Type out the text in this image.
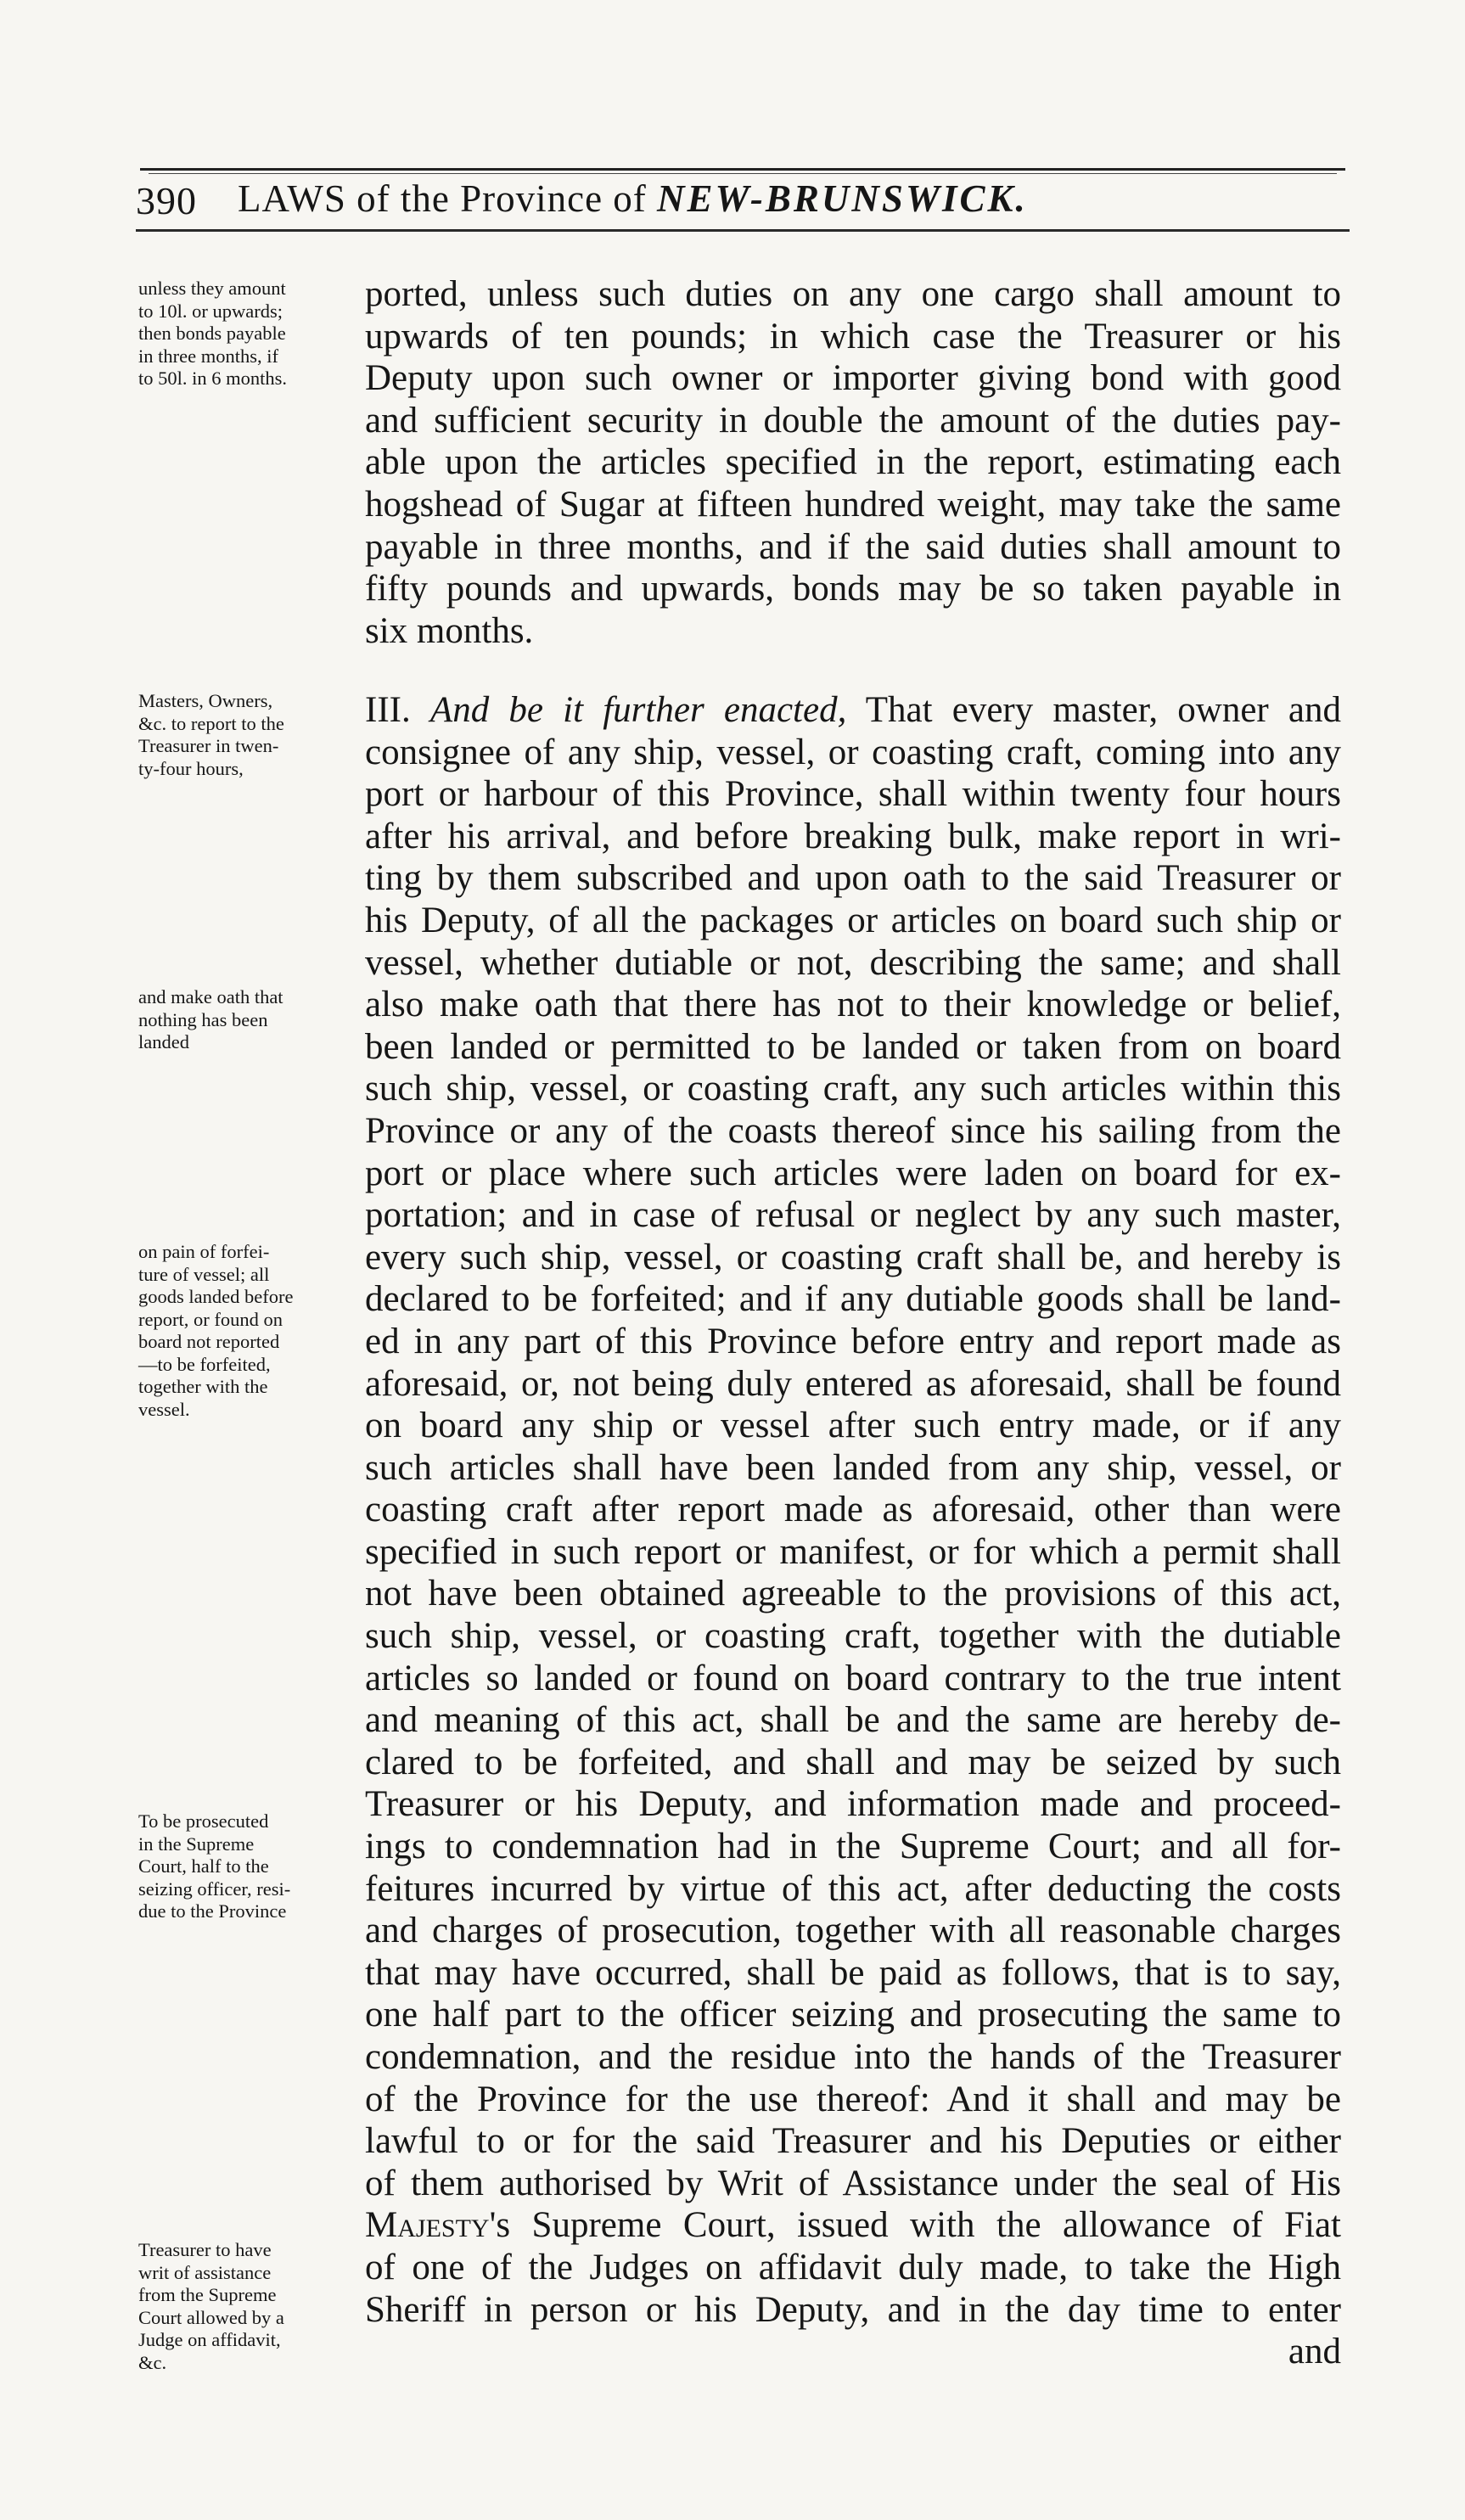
390 LAWS of the Province of NEW-BRUNSWICK.
unless they amount
to 10l. or upwards;
then bonds payable
in three months, if
to 50l. in 6 months.
Masters, Owners,
&c. to report to the
Treasurer in twen-
ty-four hours,
and make oath that
nothing has been
landed
on pain of forfei-
ture of vessel; all
goods landed before
report, or found on
board not reported
—to be forfeited,
together with the
vessel.
To be prosecuted
in the Supreme
Court, half to the
seizing officer, resi-
due to the Province
Treasurer to have
writ of assistance
from the Supreme
Court allowed by a
Judge on affidavit,
&c.
ported, unless such duties on any one cargo shall amount to
upwards of ten pounds; in which case the Treasurer or his
Deputy upon such owner or importer giving bond with good
and sufficient security in double the amount of the duties pay-
able upon the articles specified in the report, estimating each
hogshead of Sugar at fifteen hundred weight, may take the same
payable in three months, and if the said duties shall amount to
fifty pounds and upwards, bonds may be so taken payable in
six months.
III. And be it further enacted, That every master, owner and
consignee of any ship, vessel, or coasting craft, coming into any
port or harbour of this Province, shall within twenty four hours
after his arrival, and before breaking bulk, make report in wri-
ting by them subscribed and upon oath to the said Treasurer or
his Deputy, of all the packages or articles on board such ship or
vessel, whether dutiable or not, describing the same; and shall
also make oath that there has not to their knowledge or belief,
been landed or permitted to be landed or taken from on board
such ship, vessel, or coasting craft, any such articles within this
Province or any of the coasts thereof since his sailing from the
port or place where such articles were laden on board for ex-
portation; and in case of refusal or neglect by any such master,
every such ship, vessel, or coasting craft shall be, and hereby is
declared to be forfeited; and if any dutiable goods shall be land-
ed in any part of this Province before entry and report made as
aforesaid, or, not being duly entered as aforesaid, shall be found
on board any ship or vessel after such entry made, or if any
such articles shall have been landed from any ship, vessel, or
coasting craft after report made as aforesaid, other than were
specified in such report or manifest, or for which a permit shall
not have been obtained agreeable to the provisions of this act,
such ship, vessel, or coasting craft, together with the dutiable
articles so landed or found on board contrary to the true intent
and meaning of this act, shall be and the same are hereby de-
clared to be forfeited, and shall and may be seized by such
Treasurer or his Deputy, and information made and proceed-
ings to condemnation had in the Supreme Court; and all for-
feitures incurred by virtue of this act, after deducting the costs
and charges of prosecution, together with all reasonable charges
that may have occurred, shall be paid as follows, that is to say,
one half part to the officer seizing and prosecuting the same to
condemnation, and the residue into the hands of the Treasurer
of the Province for the use thereof: And it shall and may be
lawful to or for the said Treasurer and his Deputies or either
of them authorised by Writ of Assistance under the seal of His
Majesty's Supreme Court, issued with the allowance of Fiat
of one of the Judges on affidavit duly made, to take the High
Sheriff in person or his Deputy, and in the day time to enter
and
